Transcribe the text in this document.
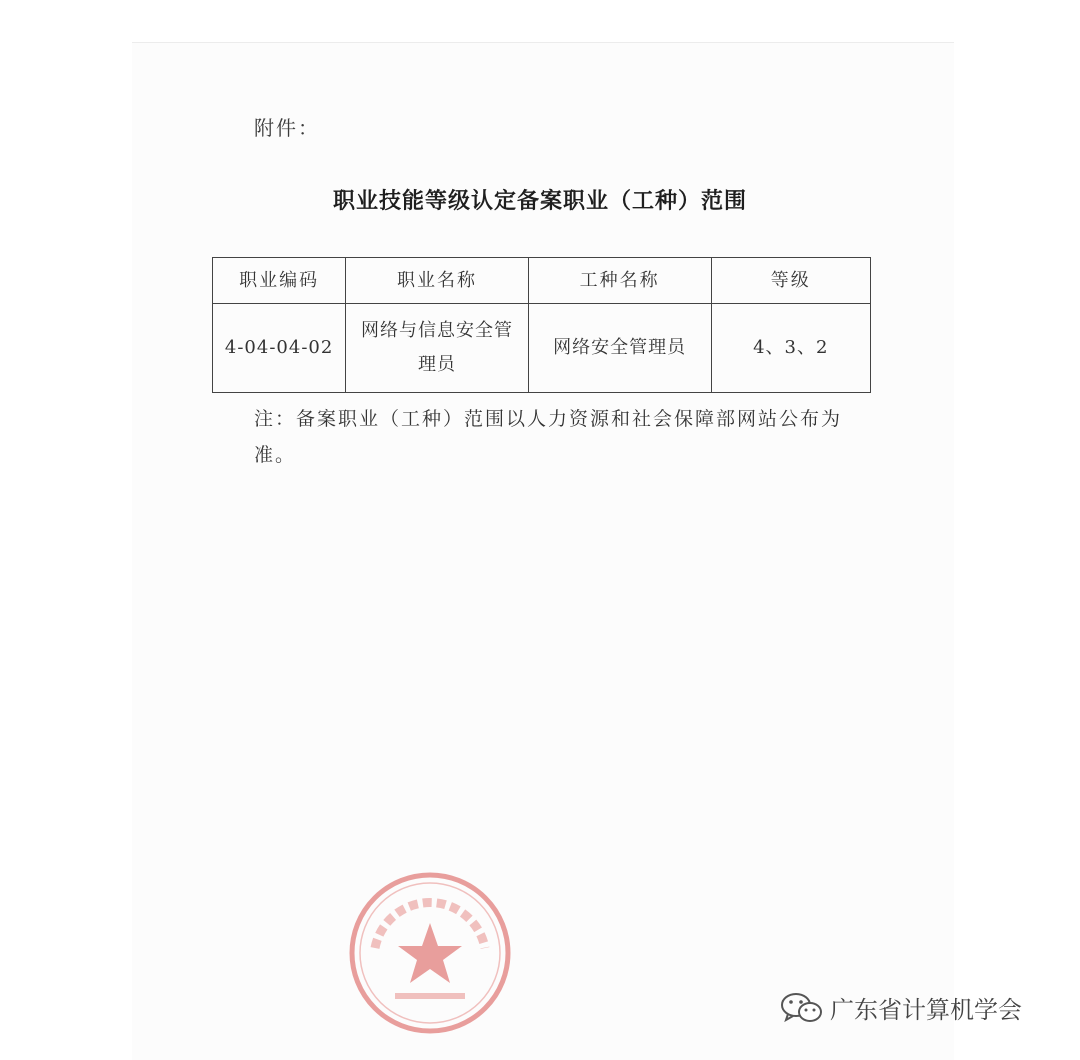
附件：
职业技能等级认定备案职业（工种）范围
职业编码	职业名称	工种名称	等级
4-04-04-02	网络与信息安全管理员	网络安全管理员	4、3、2
注：备案职业（工种）范围以人力资源和社会保障部网站公布为准。
广东省计算机学会
